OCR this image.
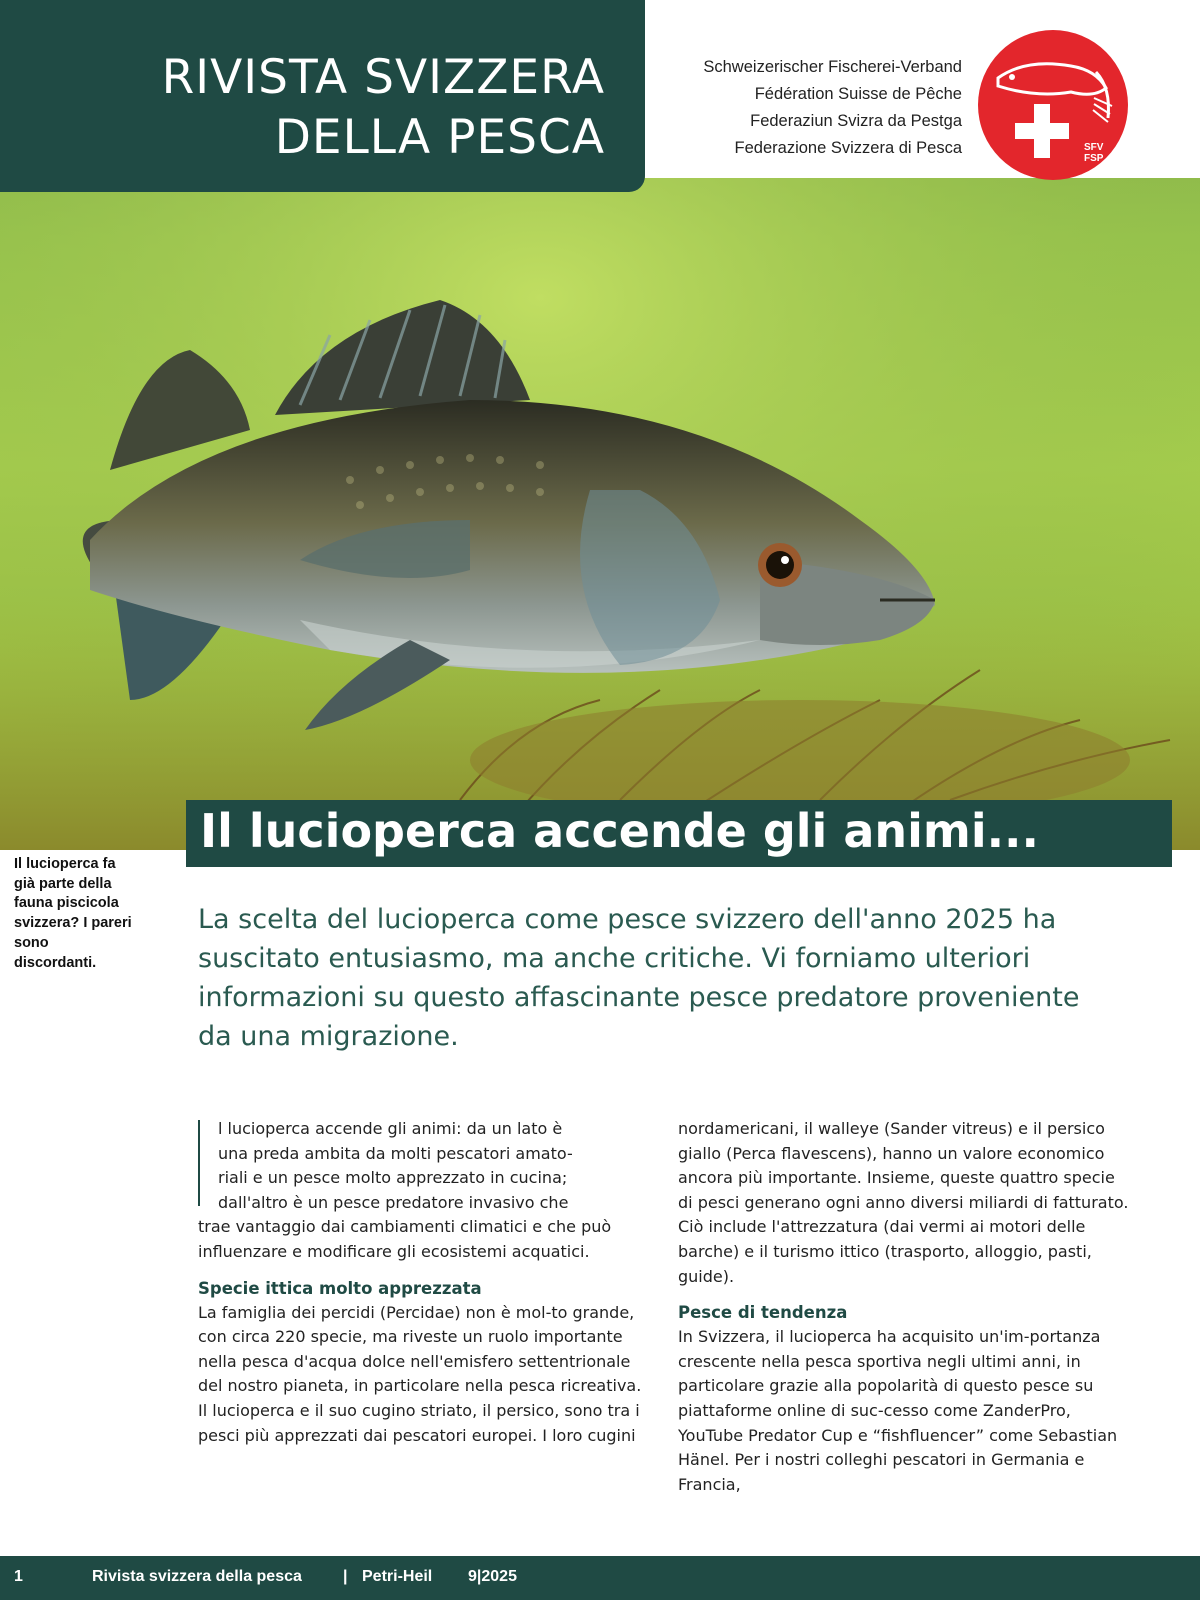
RIVISTA SVIZZERA
DELLA PESCA
Schweizerischer Fischerei-Verband
Fédération Suisse de Pêche
Federaziun Svizra da Pestga
Federazione Svizzera di Pesca	SFV
FSP
Il lucioperca accende gli animi...
Il lucioperca fa già parte della fauna piscicola svizzera? I pareri sono discordanti.

La scelta del lucioperca come pesce svizzero dell'anno 2025 ha suscitato entusiasmo, ma anche critiche. Vi forniamo ulteriori informazioni su questo affascinante pesce predatore proveniente da una migrazione.

l lucioperca accende gli animi: da un lato è
una preda ambita da molti pescatori amato-
riali e un pesce molto apprezzato in cucina;
dall'altro è un pesce predatore invasivo che
trae vantaggio dai cambiamenti climatici e che può influenzare e modificare gli ecosistemi acquatici.
Specie ittica molto apprezzata

La famiglia dei percidi (Percidae) non è mol-to grande, con circa 220 specie, ma riveste un ruolo importante nella pesca d'acqua dolce nell'emisfero settentrionale del nostro pianeta, in particolare nella pesca ricreativa. Il lucioperca e il suo cugino striato, il persico, sono tra i pesci più apprezzati dai pescatori europei. I loro cugini

nordamericani, il walleye (Sander vitreus) e il persico giallo (Perca flavescens), hanno un valore economico ancora più importante. Insieme, queste quattro specie di pesci generano ogni anno diversi miliardi di fatturato. Ciò include l'attrezzatura (dai vermi ai motori delle barche) e il turismo ittico (trasporto, alloggio, pasti, guide).

Pesce di tendenza

In Svizzera, il lucioperca ha acquisito un'im-portanza crescente nella pesca sportiva negli ultimi anni, in particolare grazie alla popolarità di questo pesce su piattaforme online di suc-cesso come ZanderPro, YouTube Predator Cup e “fishfluencer” come Sebastian Hänel. Per i nostri colleghi pescatori in Germania e Francia,

1	Rivista svizzera della pesca	| Petri-Heil 9|2025
